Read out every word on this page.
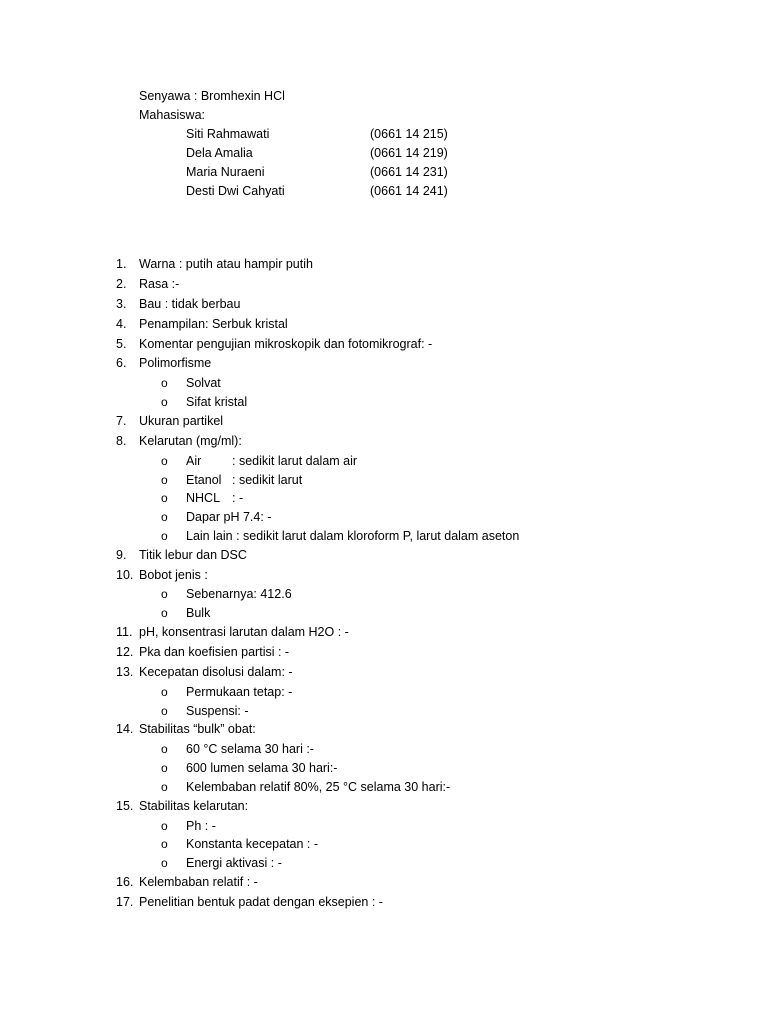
Senyawa : Bromhexin HCl
Mahasiswa:
Siti Rahmawati	(0661 14 215)
Dela Amalia	(0661 14 219)
Maria Nuraeni	(0661 14 231)
Desti Dwi Cahyati	(0661 14 241)
1. Warna : putih atau hampir putih
2. Rasa :-
3. Bau : tidak berbau
4. Penampilan: Serbuk kristal
5. Komentar pengujian mikroskopik dan fotomikrograf: -
6. Polimorfisme
o Solvat
o Sifat kristal
7. Ukuran partikel
8. Kelarutan (mg/ml):
o Air : sedikit larut dalam air
o Etanol : sedikit larut
o NHCL : -
o Dapar pH 7.4: -
o Lain lain : sedikit larut dalam kloroform P, larut dalam aseton
9. Titik lebur dan DSC
10. Bobot jenis :
o Sebenarnya: 412.6
o Bulk
11. pH, konsentrasi larutan dalam H2O : -
12. Pka dan koefisien partisi : -
13. Kecepatan disolusi dalam: -
o Permukaan tetap: -
o Suspensi: -
14. Stabilitas “bulk” obat:
o 60 °C selama 30 hari :-
o 600 lumen selama 30 hari:-
o Kelembaban relatif 80%, 25 °C selama 30 hari:-
15. Stabilitas kelarutan:
o Ph : -
o Konstanta kecepatan : -
o Energi aktivasi : -
16. Kelembaban relatif : -
17. Penelitian bentuk padat dengan eksepien : -
